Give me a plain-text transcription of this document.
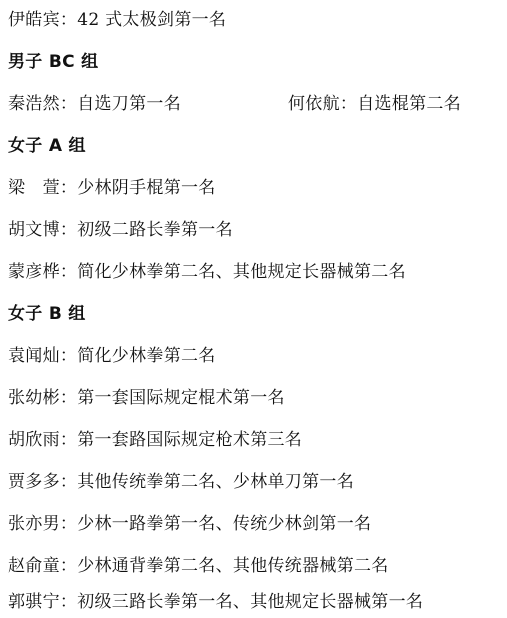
伊皓宾：42 式太极剑第一名
男子 BC 组
秦浩然：自选刀第一名	何依航：自选棍第二名
女子 A 组
梁　萱：少林阴手棍第一名
胡文博：初级二路长拳第一名
蒙彦桦：简化少林拳第二名、其他规定长器械第二名
女子 B 组
袁闻灿：简化少林拳第二名
张幼彬：第一套国际规定棍术第一名
胡欣雨：第一套路国际规定枪术第三名
贾多多：其他传统拳第二名、少林单刀第一名
张亦男：少林一路拳第一名、传统少林剑第一名
赵俞童：少林通背拳第二名、其他传统器械第二名
郭骐宁：初级三路长拳第一名、其他规定长器械第一名
